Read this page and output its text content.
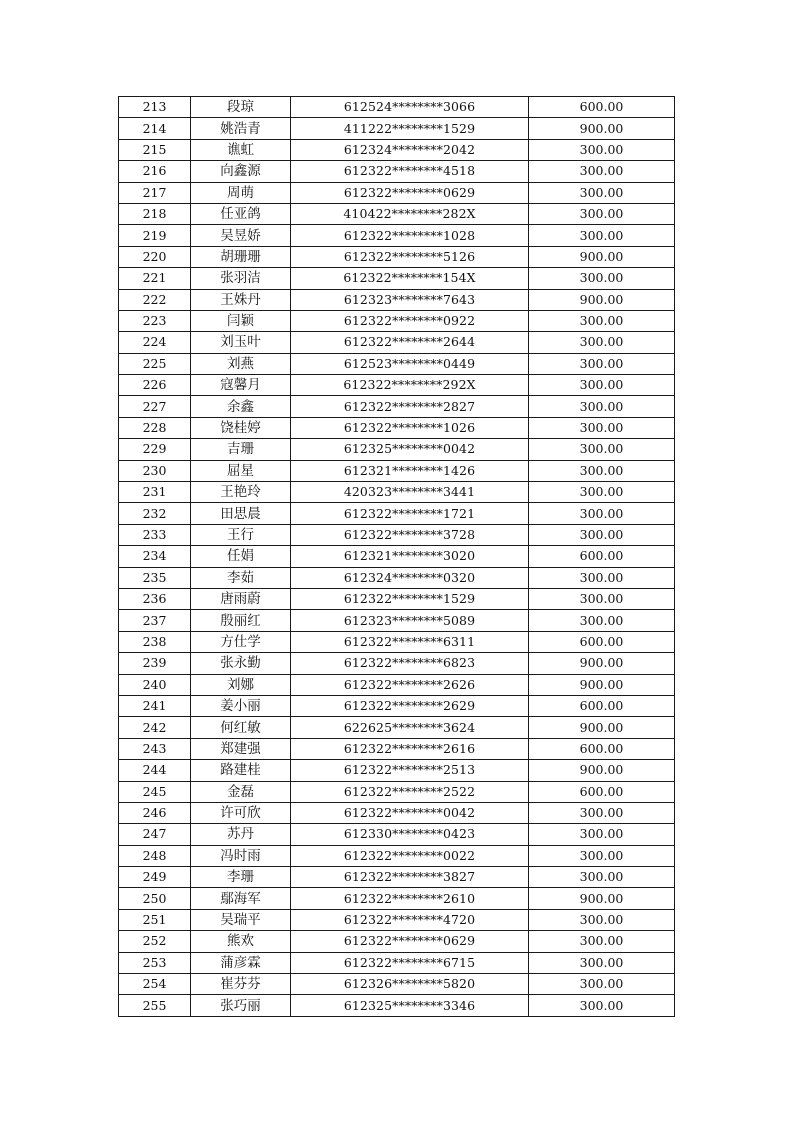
213	段琼	612524********3066	600.00
214	姚浩青	411222********1529	900.00
215	谯虹	612324********2042	300.00
216	向鑫源	612322********4518	300.00
217	周萌	612322********0629	300.00
218	任亚鸽	410422********282X	300.00
219	吴昱娇	612322********1028	300.00
220	胡珊珊	612322********5126	900.00
221	张羽洁	612322********154X	300.00
222	王姝丹	612323********7643	900.00
223	闫颖	612322********0922	300.00
224	刘玉叶	612322********2644	300.00
225	刘燕	612523********0449	300.00
226	寇馨月	612322********292X	300.00
227	余鑫	612322********2827	300.00
228	饶桂婷	612322********1026	300.00
229	吉珊	612325********0042	300.00
230	屈星	612321********1426	300.00
231	王艳玲	420323********3441	300.00
232	田思晨	612322********1721	300.00
233	王行	612322********3728	300.00
234	任娟	612321********3020	600.00
235	李茹	612324********0320	300.00
236	唐雨蔚	612322********1529	300.00
237	殷丽红	612323********5089	300.00
238	方仕学	612322********6311	600.00
239	张永勤	612322********6823	900.00
240	刘娜	612322********2626	900.00
241	姜小丽	612322********2629	600.00
242	何红敏	622625********3624	900.00
243	郑建强	612322********2616	600.00
244	路建桂	612322********2513	900.00
245	金磊	612322********2522	600.00
246	许可欣	612322********0042	300.00
247	苏丹	612330********0423	300.00
248	冯时雨	612322********0022	300.00
249	李珊	612322********3827	300.00
250	鄢海军	612322********2610	900.00
251	吴瑞平	612322********4720	300.00
252	熊欢	612322********0629	300.00
253	蒲彦霖	612322********6715	300.00
254	崔芬芬	612326********5820	300.00
255	张巧丽	612325********3346	300.00
